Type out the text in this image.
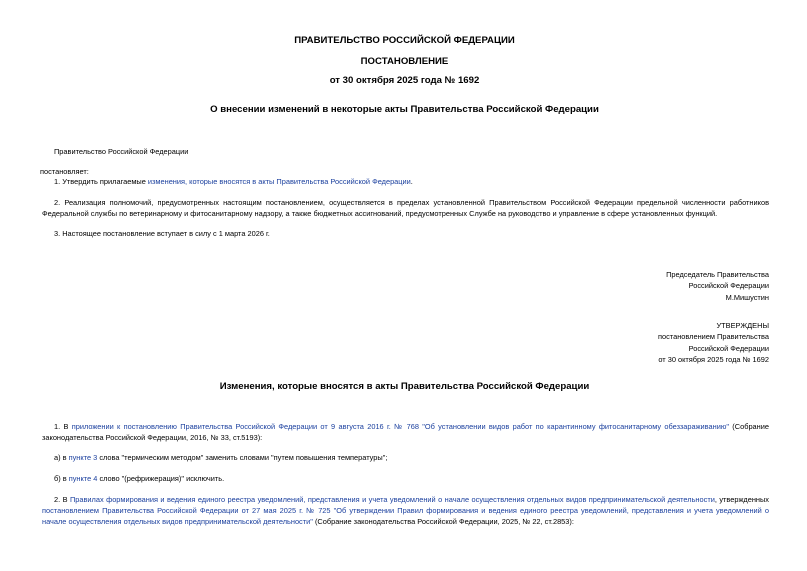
ПРАВИТЕЛЬСТВО РОССИЙСКОЙ ФЕДЕРАЦИИ
ПОСТАНОВЛЕНИЕ
от 30 октября 2025 года № 1692
О внесении изменений в некоторые акты Правительства Российской Федерации
Правительство Российской Федерации
постановляет:
1. Утвердить прилагаемые изменения, которые вносятся в акты Правительства Российской Федерации.
2. Реализация полномочий, предусмотренных настоящим постановлением, осуществляется в пределах установленной Правительством Российской Федерации предельной численности работников Федеральной службы по ветеринарному и фитосанитарному надзору, а также бюджетных ассигнований, предусмотренных Службе на руководство и управление в сфере установленных функций.
3. Настоящее постановление вступает в силу с 1 марта 2026 г.
Председатель Правительства
Российской Федерации
М.Мишустин
УТВЕРЖДЕНЫ
постановлением Правительства
Российской Федерации
от 30 октября 2025 года № 1692
Изменения, которые вносятся в акты Правительства Российской Федерации
1. В приложении к постановлению Правительства Российской Федерации от 9 августа 2016 г. № 768 "Об установлении видов работ по карантинному фитосанитарному обеззараживанию" (Собрание законодательства Российской Федерации, 2016, № 33, ст.5193):
а) в пункте 3 слова "термическим методом" заменить словами "путем повышения температуры";
б) в пункте 4 слово "(рефрижерация)" исключить.
2. В Правилах формирования и ведения единого реестра уведомлений, представления и учета уведомлений о начале осуществления отдельных видов предпринимательской деятельности, утвержденных постановлением Правительства Российской Федерации от 27 мая 2025 г. № 725 "Об утверждении Правил формирования и ведения единого реестра уведомлений, представления и учета уведомлений о начале осуществления отдельных видов предпринимательской деятельности" (Собрание законодательства Российской Федерации, 2025, № 22, ст.2853):
